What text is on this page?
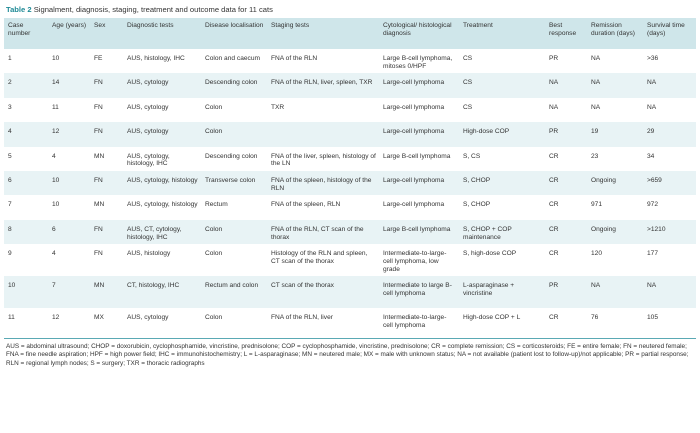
Table 2 Signalment, diagnosis, staging, treatment and outcome data for 11 cats
Case number	Age (years)	Sex	Diagnostic tests	Disease localisation	Staging tests	Cytological/ histological diagnosis	Treatment	Best response	Remission duration (days)	Survival time (days)
1	10	FE	AUS, histology, IHC	Colon and caecum	FNA of the RLN	Large B-cell lymphoma, mitoses 0/HPF	CS	PR	NA	>36
2	14	FN	AUS, cytology	Descending colon	FNA of the RLN, liver, spleen, TXR	Large-cell lymphoma	CS	NA	NA	NA
3	11	FN	AUS, cytology	Colon	TXR	Large-cell lymphoma	CS	NA	NA	NA
4	12	FN	AUS, cytology	Colon		Large-cell lymphoma	High-dose COP	PR	19	29
5	4	MN	AUS, cytology, histology, IHC	Descending colon	FNA of the liver, spleen, histology of the LN	Large B-cell lymphoma	S, CS	CR	23	34
6	10	FN	AUS, cytology, histology	Transverse colon	FNA of the spleen, histology of the RLN	Large-cell lymphoma	S, CHOP	CR	Ongoing	>659
7	10	MN	AUS, cytology, histology	Rectum	FNA of the spleen, RLN	Large-cell lymphoma	S, CHOP	CR	971	972
8	6	FN	AUS, CT, cytology, histology, IHC	Colon	FNA of the RLN, CT scan of the thorax	Large B-cell lymphoma	S, CHOP + COP maintenance	CR	Ongoing	>1210
9	4	FN	AUS, histology	Colon	Histology of the RLN and spleen, CT scan of the thorax	Intermediate-to-large-cell lymphoma, low grade	S, high-dose COP	CR	120	177
10	7	MN	CT, histology, IHC	Rectum and colon	CT scan of the thorax	Intermediate to large B-cell lymphoma	L-asparaginase + vincristine	PR	NA	NA
11	12	MX	AUS, cytology	Colon	FNA of the RLN, liver	Intermediate-to-large-cell lymphoma	High-dose COP + L	CR	76	105
AUS = abdominal ultrasound; CHOP = doxorubicin, cyclophosphamide, vincristine, prednisolone; COP = cyclophosphamide, vincristine, prednisolone; CR = complete remission; CS = corticosteroids; FE = entire female; FN = neutered female; FNA = fine needle aspiration; HPF = high power field; IHC = immunohistochemistry; L = L-asparaginase; MN = neutered male; MX = male with unknown status; NA = not available (patient lost to follow-up)/not applicable; PR = partial response; RLN = regional lymph nodes; S = surgery; TXR = thoracic radiographs
